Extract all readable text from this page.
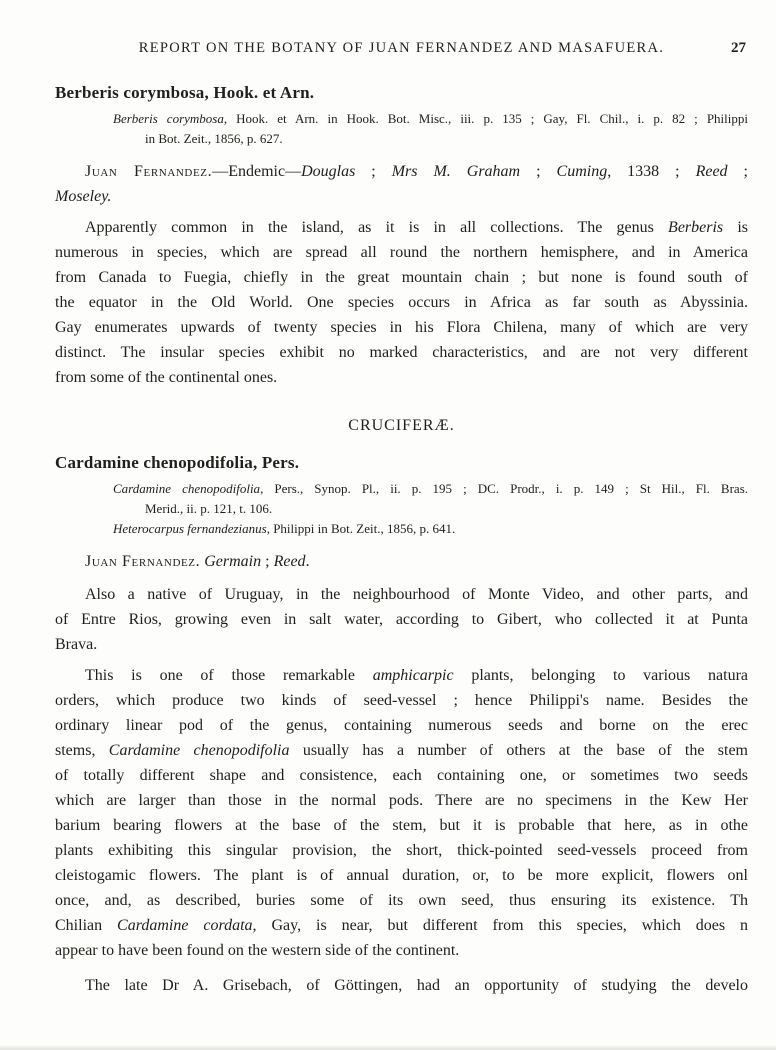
REPORT ON THE BOTANY OF JUAN FERNANDEZ AND MASAFUERA.	27
Berberis corymbosa, Hook. et Arn.
Berberis corymbosa, Hook. et Arn. in Hook. Bot. Misc., iii. p. 135 ; Gay, Fl. Chil., i. p. 82 ; Philippi
in Bot. Zeit., 1856, p. 627.
Juan Fernandez.—Endemic—Douglas ; Mrs M. Graham ; Cuming, 1338 ; Reed ;
Moseley.
Apparently common in the island, as it is in all collections. The genus Berberis is
numerous in species, which are spread all round the northern hemisphere, and in America
from Canada to Fuegia, chiefly in the great mountain chain ; but none is found south of
the equator in the Old World. One species occurs in Africa as far south as Abyssinia.
Gay enumerates upwards of twenty species in his Flora Chilena, many of which are very
distinct. The insular species exhibit no marked characteristics, and are not very different
from some of the continental ones.
CRUCIFERÆ.
Cardamine chenopodifolia, Pers.
Cardamine chenopodifolia, Pers., Synop. Pl., ii. p. 195 ; DC. Prodr., i. p. 149 ; St Hil., Fl. Bras.
Merid., ii. p. 121, t. 106.
Heterocarpus fernandezianus, Philippi in Bot. Zeit., 1856, p. 641.
Juan Fernandez. Germain ; Reed.
Also a native of Uruguay, in the neighbourhood of Monte Video, and other parts, and
of Entre Rios, growing even in salt water, according to Gibert, who collected it at Punta
Brava.
This is one of those remarkable amphicarpic plants, belonging to various natura
orders, which produce two kinds of seed-vessel ; hence Philippi's name. Besides the
ordinary linear pod of the genus, containing numerous seeds and borne on the erec
stems, Cardamine chenopodifolia usually has a number of others at the base of the stem
of totally different shape and consistence, each containing one, or sometimes two seeds
which are larger than those in the normal pods. There are no specimens in the Kew Her
barium bearing flowers at the base of the stem, but it is probable that here, as in othe
plants exhibiting this singular provision, the short, thick-pointed seed-vessels proceed from
cleistogamic flowers. The plant is of annual duration, or, to be more explicit, flowers onl
once, and, as described, buries some of its own seed, thus ensuring its existence. Th
Chilian Cardamine cordata, Gay, is near, but different from this species, which does n
appear to have been found on the western side of the continent.
The late Dr A. Grisebach, of Göttingen, had an opportunity of studying the develo
